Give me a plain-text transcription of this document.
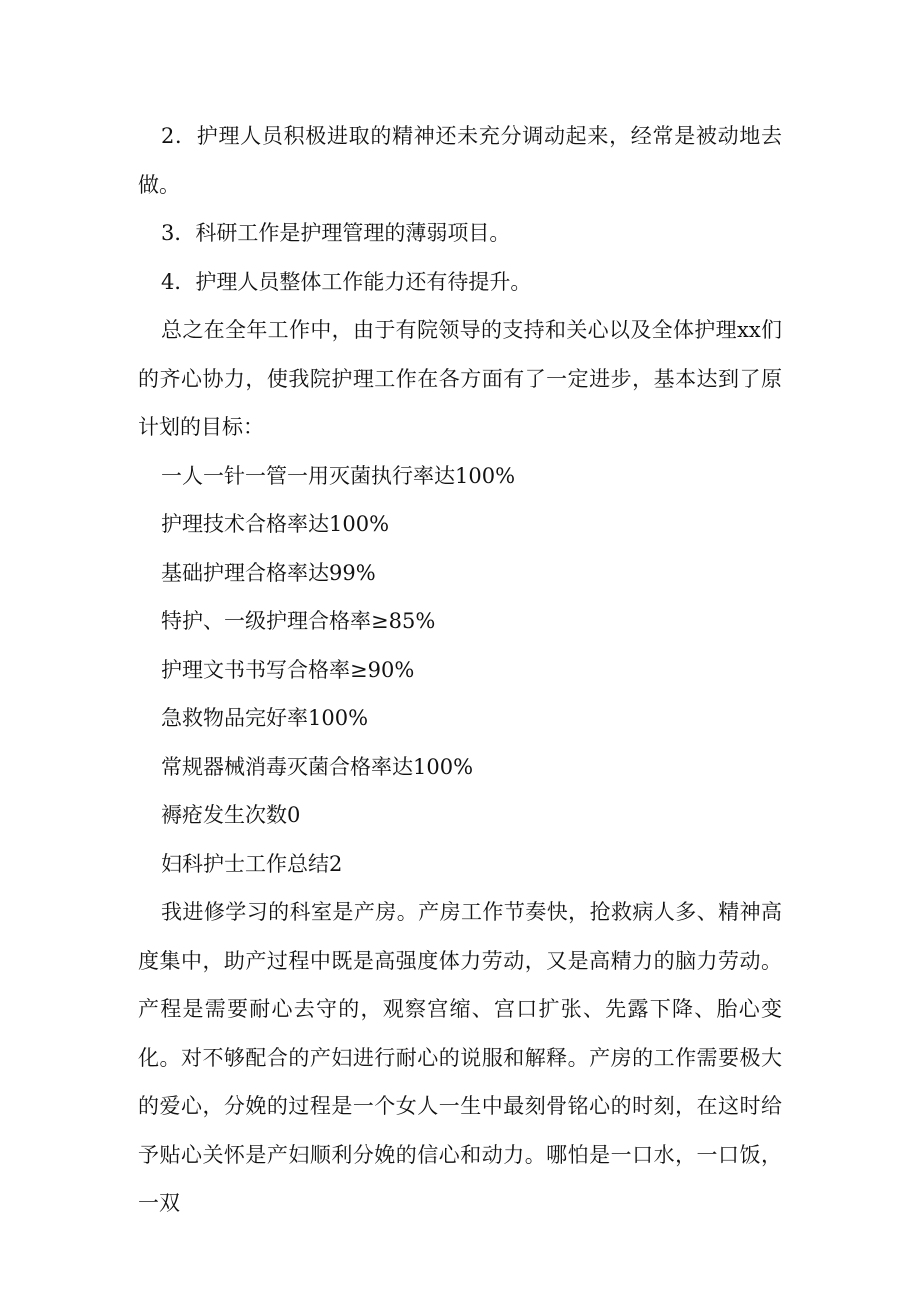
2．护理人员积极进取的精神还未充分调动起来，经常是被动地去做。

3．科研工作是护理管理的薄弱项目。

4．护理人员整体工作能力还有待提升。

总之在全年工作中，由于有院领导的支持和关心以及全体护理xx们的齐心协力，使我院护理工作在各方面有了一定进步，基本达到了原计划的目标：

一人一针一管一用灭菌执行率达100%

护理技术合格率达100%

基础护理合格率达99%

特护、一级护理合格率≥85%

护理文书书写合格率≥90%

急救物品完好率100%

常规器械消毒灭菌合格率达100%

褥疮发生次数0

妇科护士工作总结2

我进修学习的科室是产房。产房工作节奏快，抢救病人多、精神高度集中，助产过程中既是高强度体力劳动，又是高精力的脑力劳动。产程是需要耐心去守的，观察宫缩、宫口扩张、先露下降、胎心变化。对不够配合的产妇进行耐心的说服和解释。产房的工作需要极大的爱心，分娩的过程是一个女人一生中最刻骨铭心的时刻，在这时给予贴心关怀是产妇顺利分娩的信心和动力。哪怕是一口水，一口饭，一双
